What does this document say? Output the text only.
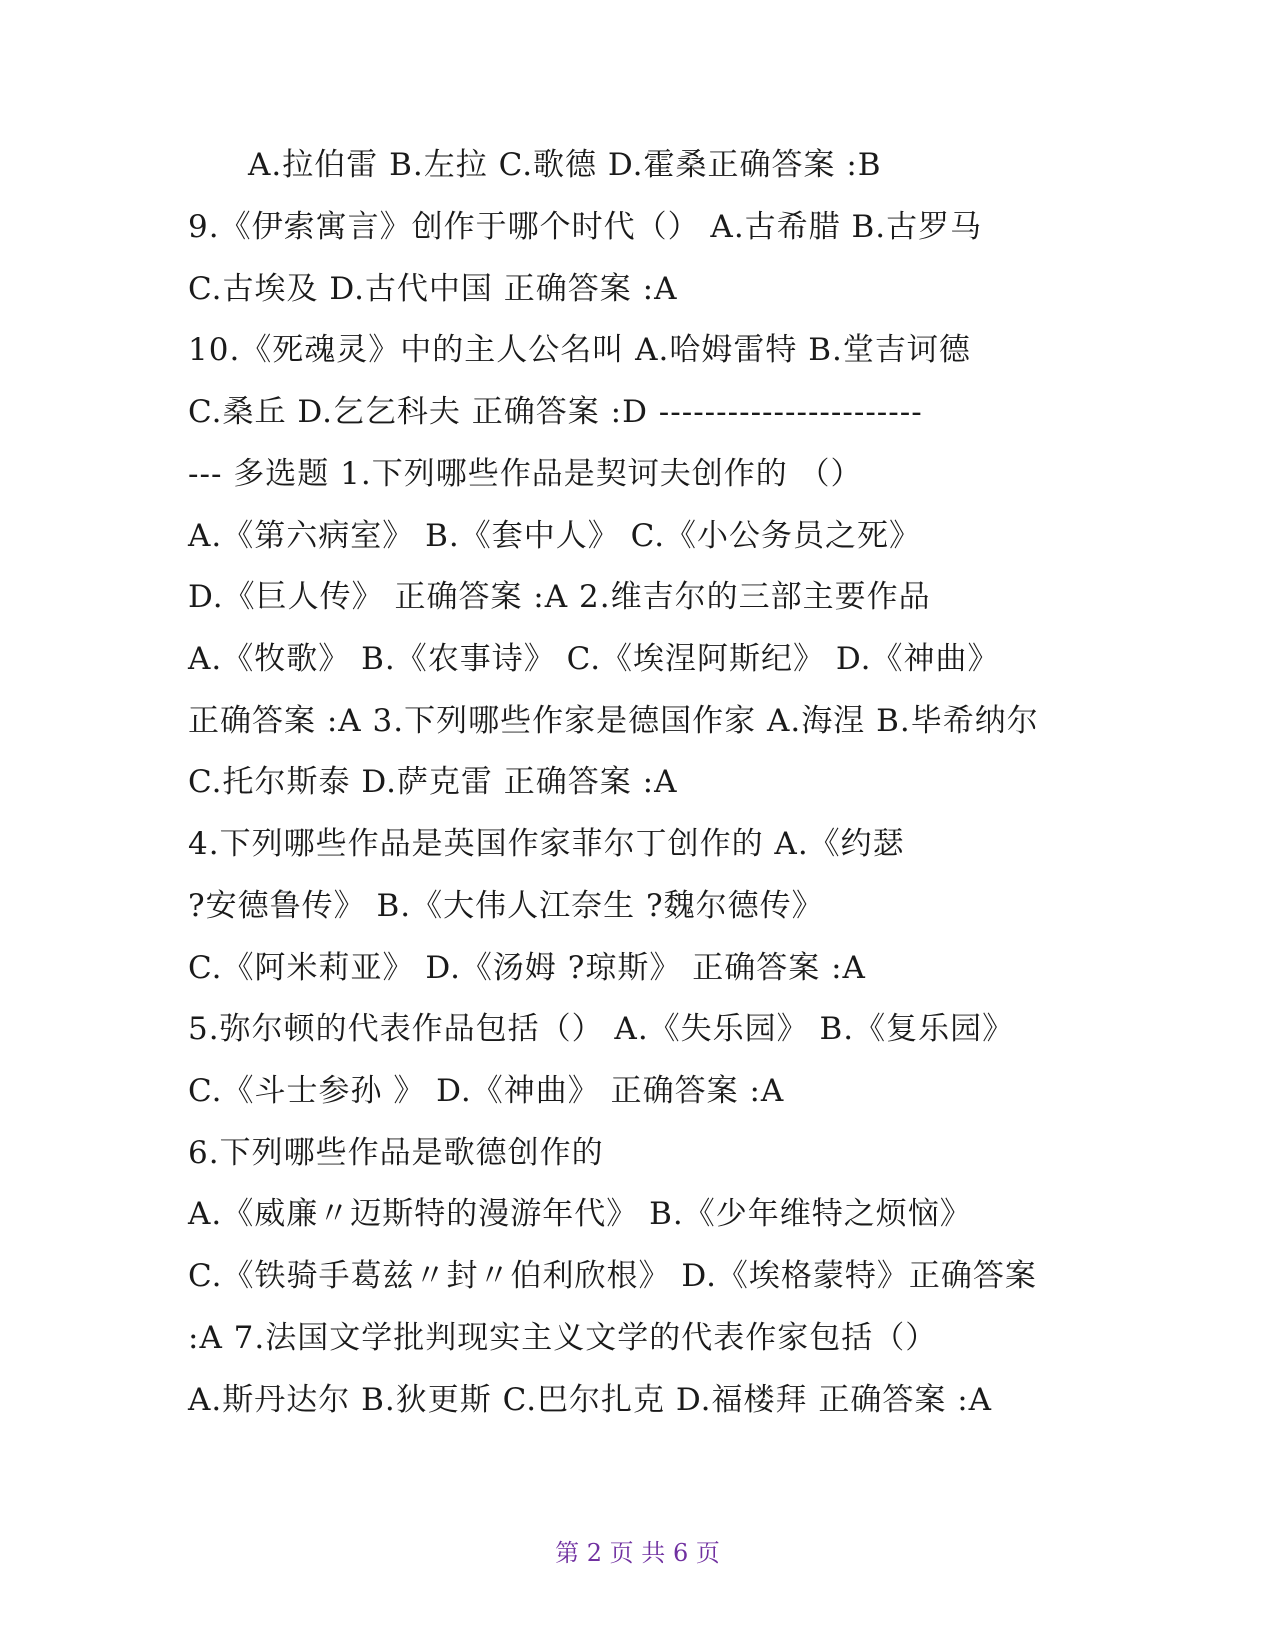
A.拉伯雷 B.左拉 C.歌德 D.霍桑正确答案 :B
9.《伊索寓言》创作于哪个时代（） A.古希腊 B.古罗马
C.古埃及 D.古代中国 正确答案 :A
10.《死魂灵》中的主人公名叫 A.哈姆雷特 B.堂吉诃德
C.桑丘 D.乞乞科夫 正确答案 :D -----------------------
--- 多选题 1.下列哪些作品是契诃夫创作的 （）
A.《第六病室》 B.《套中人》 C.《小公务员之死》
D.《巨人传》 正确答案 :A 2.维吉尔的三部主要作品
A.《牧歌》 B.《农事诗》 C.《埃涅阿斯纪》 D.《神曲》
正确答案 :A 3.下列哪些作家是德国作家 A.海涅 B.毕希纳尔
C.托尔斯泰 D.萨克雷 正确答案 :A
4.下列哪些作品是英国作家菲尔丁创作的 A.《约瑟
?安德鲁传》 B.《大伟人江奈生 ?魏尔德传》
C.《阿米莉亚》 D.《汤姆 ?琼斯》 正确答案 :A
5.弥尔顿的代表作品包括（） A.《失乐园》 B.《复乐园》
C.《斗士参孙 》 D.《神曲》 正确答案 :A
6.下列哪些作品是歌德创作的
A.《威廉〃迈斯特的漫游年代》 B.《少年维特之烦恼》
C.《铁骑手葛兹〃封〃伯利欣根》 D.《埃格蒙特》正确答案
:A 7.法国文学批判现实主义文学的代表作家包括（）
A.斯丹达尔 B.狄更斯 C.巴尔扎克 D.福楼拜 正确答案 :A
第 2 页 共 6 页
